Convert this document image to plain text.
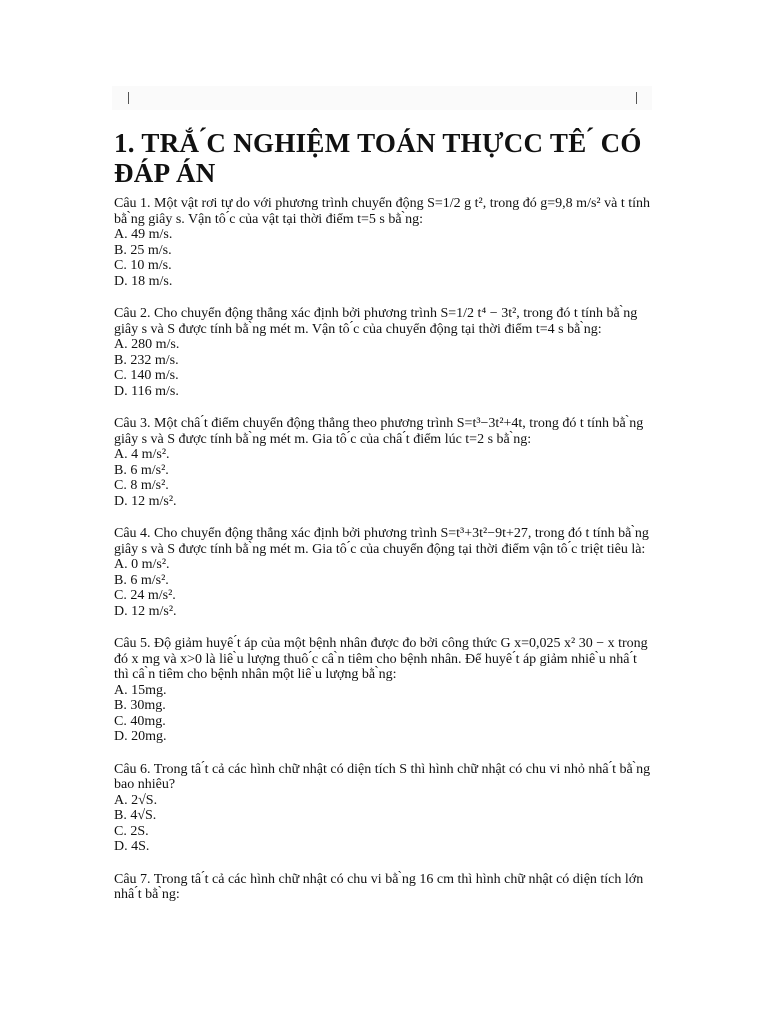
1. TRẮ ́C NGHIỆM TOÁN THỰCC TÊ ́ CÓ ĐÁP ÁN
Câu 1. Một vật rơi tự do với phương trình chuyển động S=1/2 g t², trong đó g=9,8 m/s² và t tính bằ ̀ng giây s. Vận tô ́c của vật tại thời điểm t=5 s bằ ̀ng:
A. 49 m/s.
B. 25 m/s.
C. 10 m/s.
D. 18 m/s.
Câu 2. Cho chuyển động thẳng xác định bởi phương trình S=1/2 t⁴ − 3t², trong đó t tính bằ ̀ng giây s và S được tính bằ ̀ng mét m. Vận tô ́c của chuyển động tại thời điểm t=4 s bằ ̀ng:
A. 280 m/s.
B. 232 m/s.
C. 140 m/s.
D. 116 m/s.
Câu 3. Một châ ́t điểm chuyển động thẳng theo phương trình S=t³−3t²+4t, trong đó t tính bằ ̀ng giây s và S được tính bằ ̀ng mét m. Gia tô ́c của châ ́t điểm lúc t=2 s bằ ̀ng:
A. 4 m/s².
B. 6 m/s².
C. 8 m/s².
D. 12 m/s².
Câu 4. Cho chuyển động thẳng xác định bởi phương trình S=t³+3t²−9t+27, trong đó t tính bằ ̀ng giây s và S được tính bằ ̀ng mét m. Gia tô ́c của chuyển động tại thời điểm vận tô ́c triệt tiêu là:
A. 0 m/s².
B. 6 m/s².
C. 24 m/s².
D. 12 m/s².
Câu 5. Độ giảm huyê ́t áp của một bệnh nhân được đo bởi công thức G x=0,025 x² 30 − x trong đó x mg và x>0 là liê ̀u lượng thuô ́c câ ̀n tiêm cho bệnh nhân. Để huyê ́t áp giảm nhiê ̀u nhâ ́t thì câ ̀n tiêm cho bệnh nhân một liê ̀u lượng bằ ̀ng:
A. 15mg.
B. 30mg.
C. 40mg.
D. 20mg.
Câu 6. Trong tâ ́t cả các hình chữ nhật có diện tích S thì hình chữ nhật có chu vi nhỏ nhâ ́t bằ ̀ng bao nhiêu?
A. 2√S.
B. 4√S.
C. 2S.
D. 4S.
Câu 7. Trong tâ ́t cả các hình chữ nhật có chu vi bằ ̀ng 16 cm thì hình chữ nhật có diện tích lớn nhâ ́t bằ ̀ng:
